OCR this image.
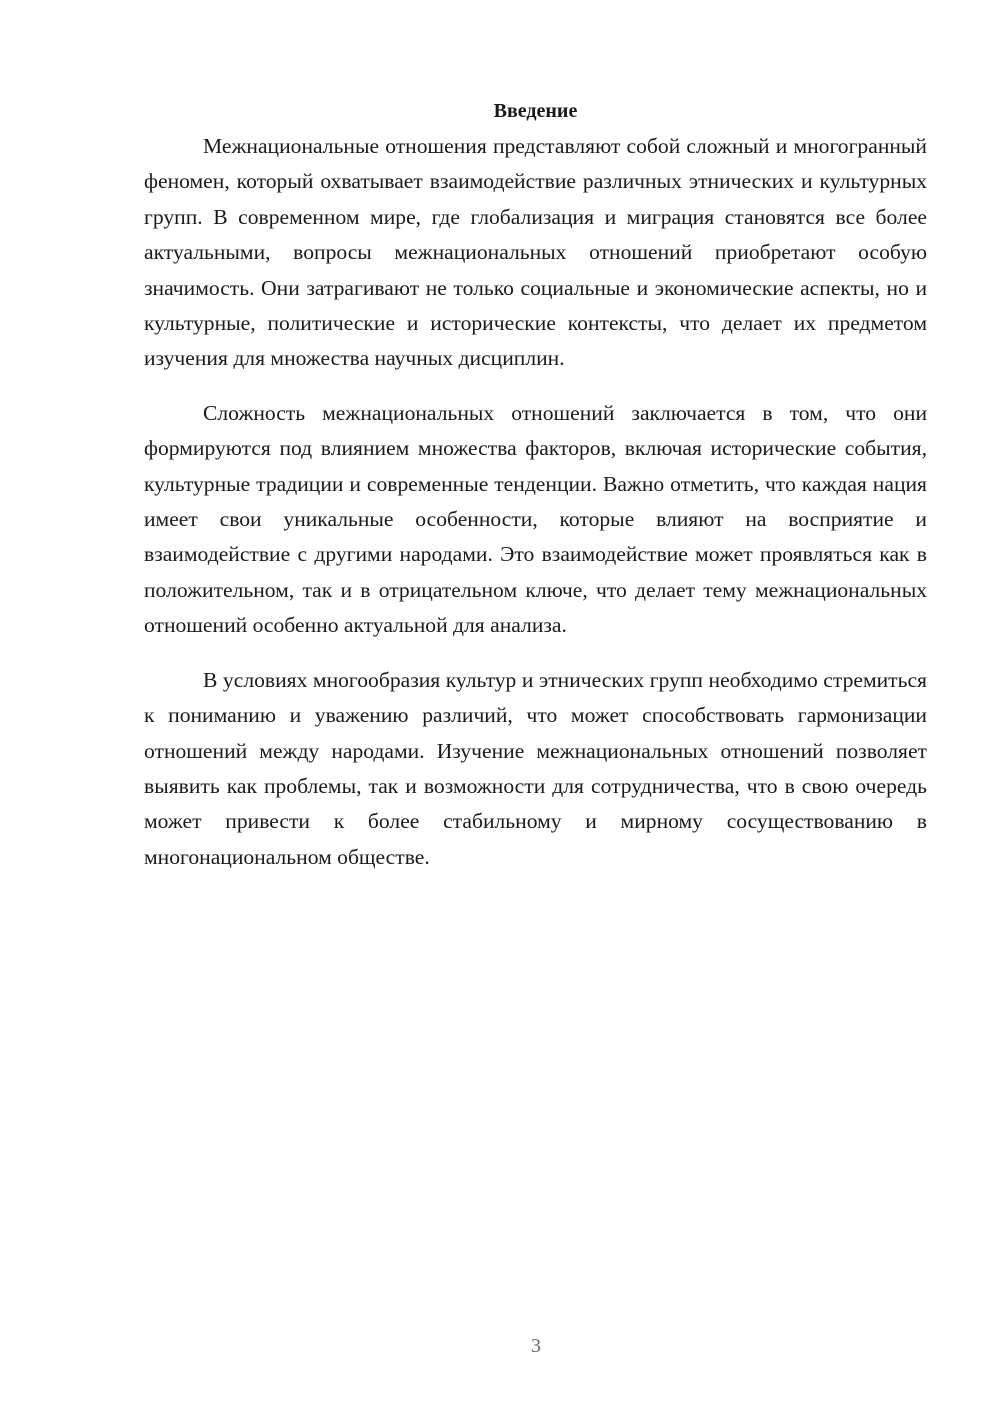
Введение

Межнациональные отношения представляют собой сложный и многогранный феномен, который охватывает взаимодействие различных этнических и культурных групп. В современном мире, где глобализация и миграция становятся все более актуальными, вопросы межнациональных отношений приобретают особую значимость. Они затрагивают не только социальные и экономические аспекты, но и культурные, политические и исторические контексты, что делает их предметом изучения для множества научных дисциплин.

Сложность межнациональных отношений заключается в том, что они формируются под влиянием множества факторов, включая исторические события, культурные традиции и современные тенденции. Важно отметить, что каждая нация имеет свои уникальные особенности, которые влияют на восприятие и взаимодействие с другими народами. Это взаимодействие может проявляться как в положительном, так и в отрицательном ключе, что делает тему межнациональных отношений особенно актуальной для анализа.

В условиях многообразия культур и этнических групп необходимо стремиться к пониманию и уважению различий, что может способствовать гармонизации отношений между народами. Изучение межнациональных отношений позволяет выявить как проблемы, так и возможности для сотрудничества, что в свою очередь может привести к более стабильному и мирному сосуществованию в многонациональном обществе.

3
